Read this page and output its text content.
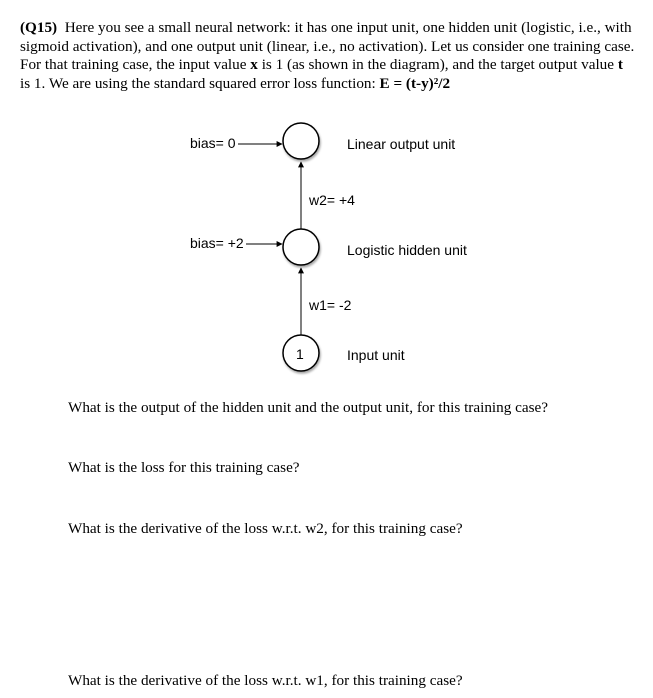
(Q15) Here you see a small neural network: it has one input unit, one hidden unit (logistic, i.e., with sigmoid activation), and one output unit (linear, i.e., no activation). Let us consider one training case. For that training case, the input value x is 1 (as shown in the diagram), and the target output value t is 1. We are using the standard squared error loss function: E = (t-y)²/2

bias= 0	Linear output unit
w2= +4
bias= +2	Logistic hidden unit
w1= -2
1	Input unit

What is the output of the hidden unit and the output unit, for this training case?

What is the loss for this training case?

What is the derivative of the loss w.r.t. w2, for this training case?

What is the derivative of the loss w.r.t. w1, for this training case?
